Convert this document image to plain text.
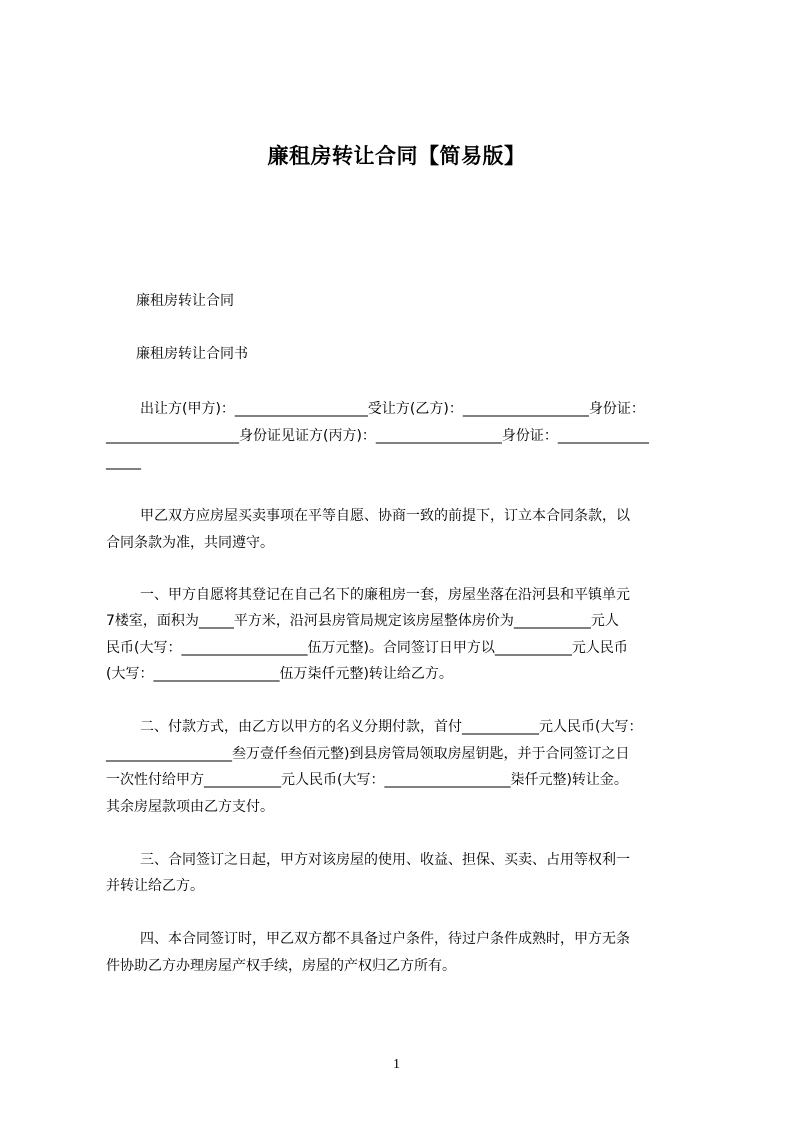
廉租房转让合同【简易版】
廉租房转让合同
廉租房转让合同书
出让方(甲方)：___________________受让方(乙方)：__________________身份证：
___________________身份证见证方(丙方)：__________________身份证：_____________
_____
甲乙双方应房屋买卖事项在平等自愿、协商一致的前提下，订立本合同条款，以
合同条款为准，共同遵守。
一、甲方自愿将其登记在自己名下的廉租房一套，房屋坐落在沿河县和平镇单元
7楼室，面积为_____平方米，沿河县房管局规定该房屋整体房价为___________元人
民币(大写：__________________伍万元整)。合同签订日甲方以___________元人民币
(大写：__________________伍万柒仟元整)转让给乙方。
二、付款方式，由乙方以甲方的名义分期付款，首付___________元人民币(大写：
__________________叁万壹仟叁佰元整)到县房管局领取房屋钥匙，并于合同签订之日
一次性付给甲方___________元人民币(大写：__________________柒仟元整)转让金。
其余房屋款项由乙方支付。
三、合同签订之日起，甲方对该房屋的使用、收益、担保、买卖、占用等权利一
并转让给乙方。
四、本合同签订时，甲乙双方都不具备过户条件，待过户条件成熟时，甲方无条
件协助乙方办理房屋产权手续，房屋的产权归乙方所有。
1
